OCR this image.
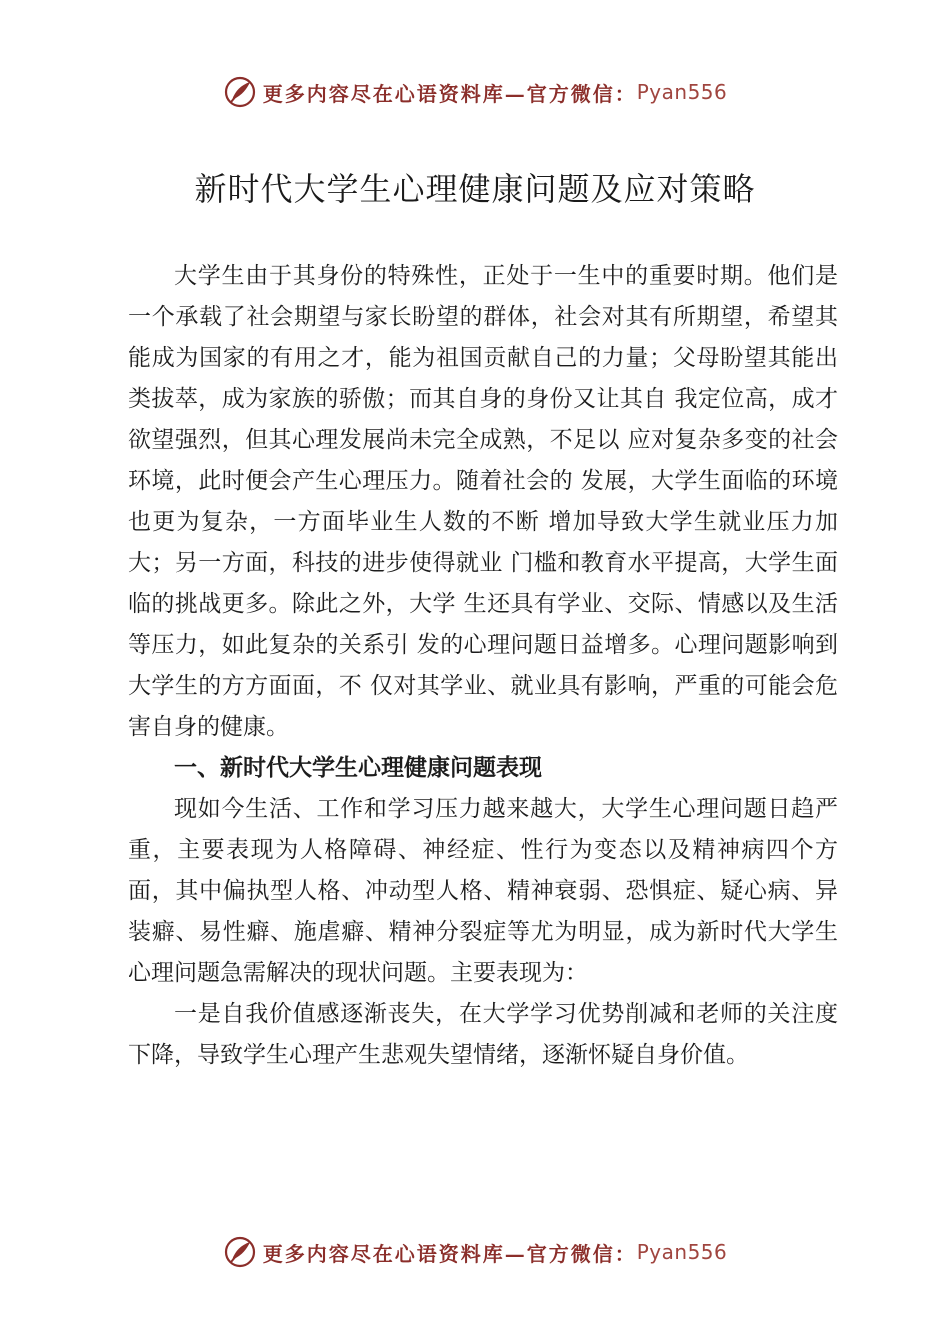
更多内容尽在心语资料库—官方微信： Pyan556
新时代大学生心理健康问题及应对策略

大学生由于其身份的特殊性，正处于一生中的重要时期。他们是一个承载了社会期望与家长盼望的群体，社会对其有所期望，希望其能成为国家的有用之才，能为祖国贡献自己的力量；父母盼望其能出类拔萃，成为家族的骄傲；而其自身的身份又让其自 我定位高，成才欲望强烈，但其心理发展尚未完全成熟，不足以 应对复杂多变的社会环境，此时便会产生心理压力。随着社会的 发展，大学生面临的环境也更为复杂，一方面毕业生人数的不断 增加导致大学生就业压力加大；另一方面，科技的进步使得就业 门槛和教育水平提高，大学生面临的挑战更多。除此之外，大学 生还具有学业、交际、情感以及生活等压力，如此复杂的关系引 发的心理问题日益增多。心理问题影响到大学生的方方面面，不 仅对其学业、就业具有影响，严重的可能会危害自身的健康。

一、新时代大学生心理健康问题表现

现如今生活、工作和学习压力越来越大，大学生心理问题日趋严重，主要表现为人格障碍、神经症、性行为变态以及精神病四个方面，其中偏执型人格、冲动型人格、精神衰弱、恐惧症、疑心病、异装癖、易性癖、施虐癖、精神分裂症等尤为明显，成为新时代大学生心理问题急需解决的现状问题。主要表现为：

一是自我价值感逐渐丧失，在大学学习优势削减和老师的关注度下降，导致学生心理产生悲观失望情绪，逐渐怀疑自身价值。

更多内容尽在心语资料库—官方微信： Pyan556
